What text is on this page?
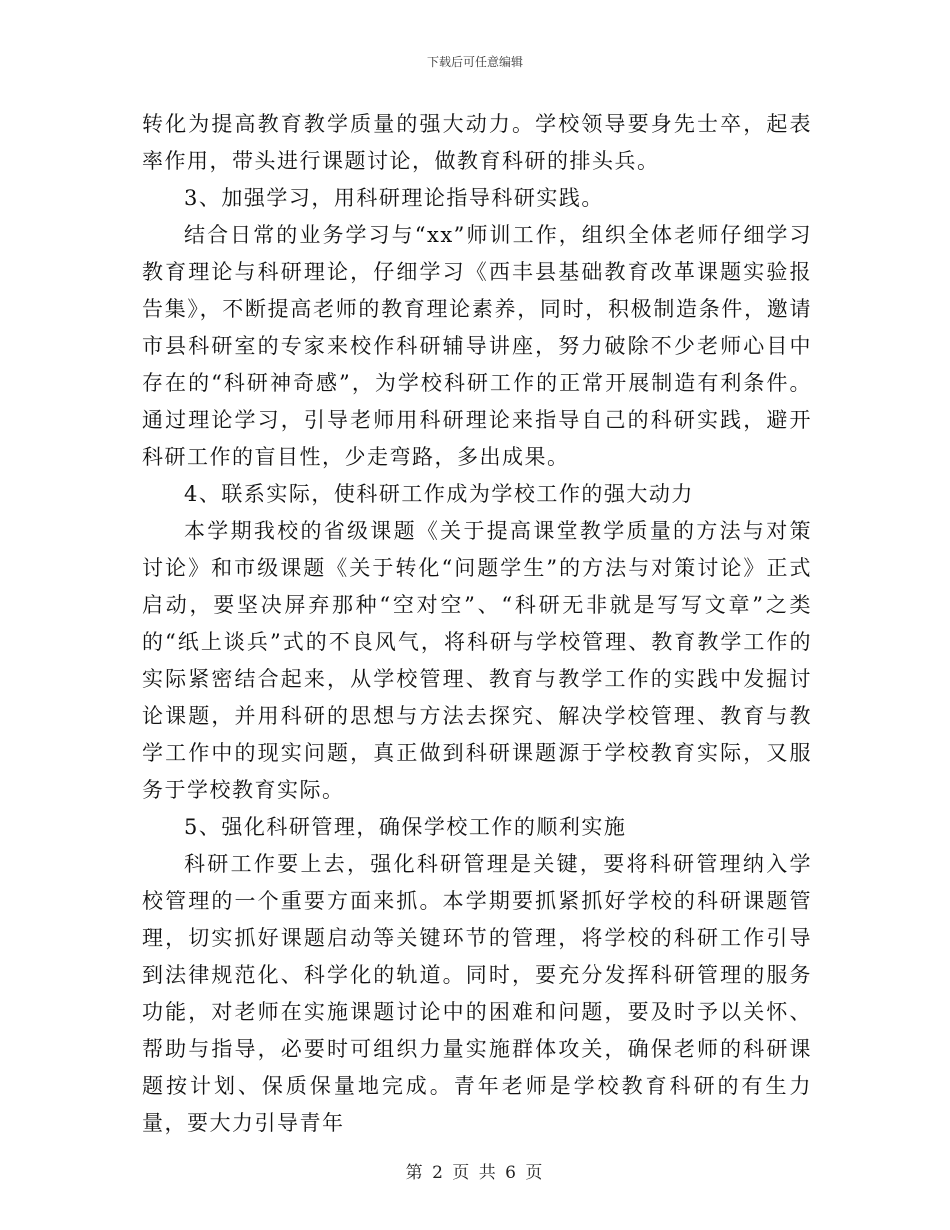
下载后可任意编辑

转化为提高教育教学质量的强大动力。学校领导要身先士卒，起表率作用，带头进行课题讨论，做教育科研的排头兵。

3、加强学习，用科研理论指导科研实践。

结合日常的业务学习与“xx”师训工作，组织全体老师仔细学习教育理论与科研理论，仔细学习《西丰县基础教育改革课题实验报告集》，不断提高老师的教育理论素养，同时，积极制造条件，邀请市县科研室的专家来校作科研辅导讲座，努力破除不少老师心目中存在的“科研神奇感”，为学校科研工作的正常开展制造有利条件。通过理论学习，引导老师用科研理论来指导自己的科研实践，避开科研工作的盲目性，少走弯路，多出成果。

4、联系实际，使科研工作成为学校工作的强大动力

本学期我校的省级课题《关于提高课堂教学质量的方法与对策讨论》和市级课题《关于转化“问题学生”的方法与对策讨论》正式启动，要坚决屏弃那种“空对空”、“科研无非就是写写文章”之类的“纸上谈兵”式的不良风气，将科研与学校管理、教育教学工作的实际紧密结合起来，从学校管理、教育与教学工作的实践中发掘讨论课题，并用科研的思想与方法去探究、解决学校管理、教育与教学工作中的现实问题，真正做到科研课题源于学校教育实际，又服务于学校教育实际。

5、强化科研管理，确保学校工作的顺利实施

科研工作要上去，强化科研管理是关键，要将科研管理纳入学校管理的一个重要方面来抓。本学期要抓紧抓好学校的科研课题管理，切实抓好课题启动等关键环节的管理，将学校的科研工作引导到法律规范化、科学化的轨道。同时，要充分发挥科研管理的服务功能，对老师在实施课题讨论中的困难和问题，要及时予以关怀、帮助与指导，必要时可组织力量实施群体攻关，确保老师的科研课题按计划、保质保量地完成。青年老师是学校教育科研的有生力量，要大力引导青年

第 2 页 共 6 页
